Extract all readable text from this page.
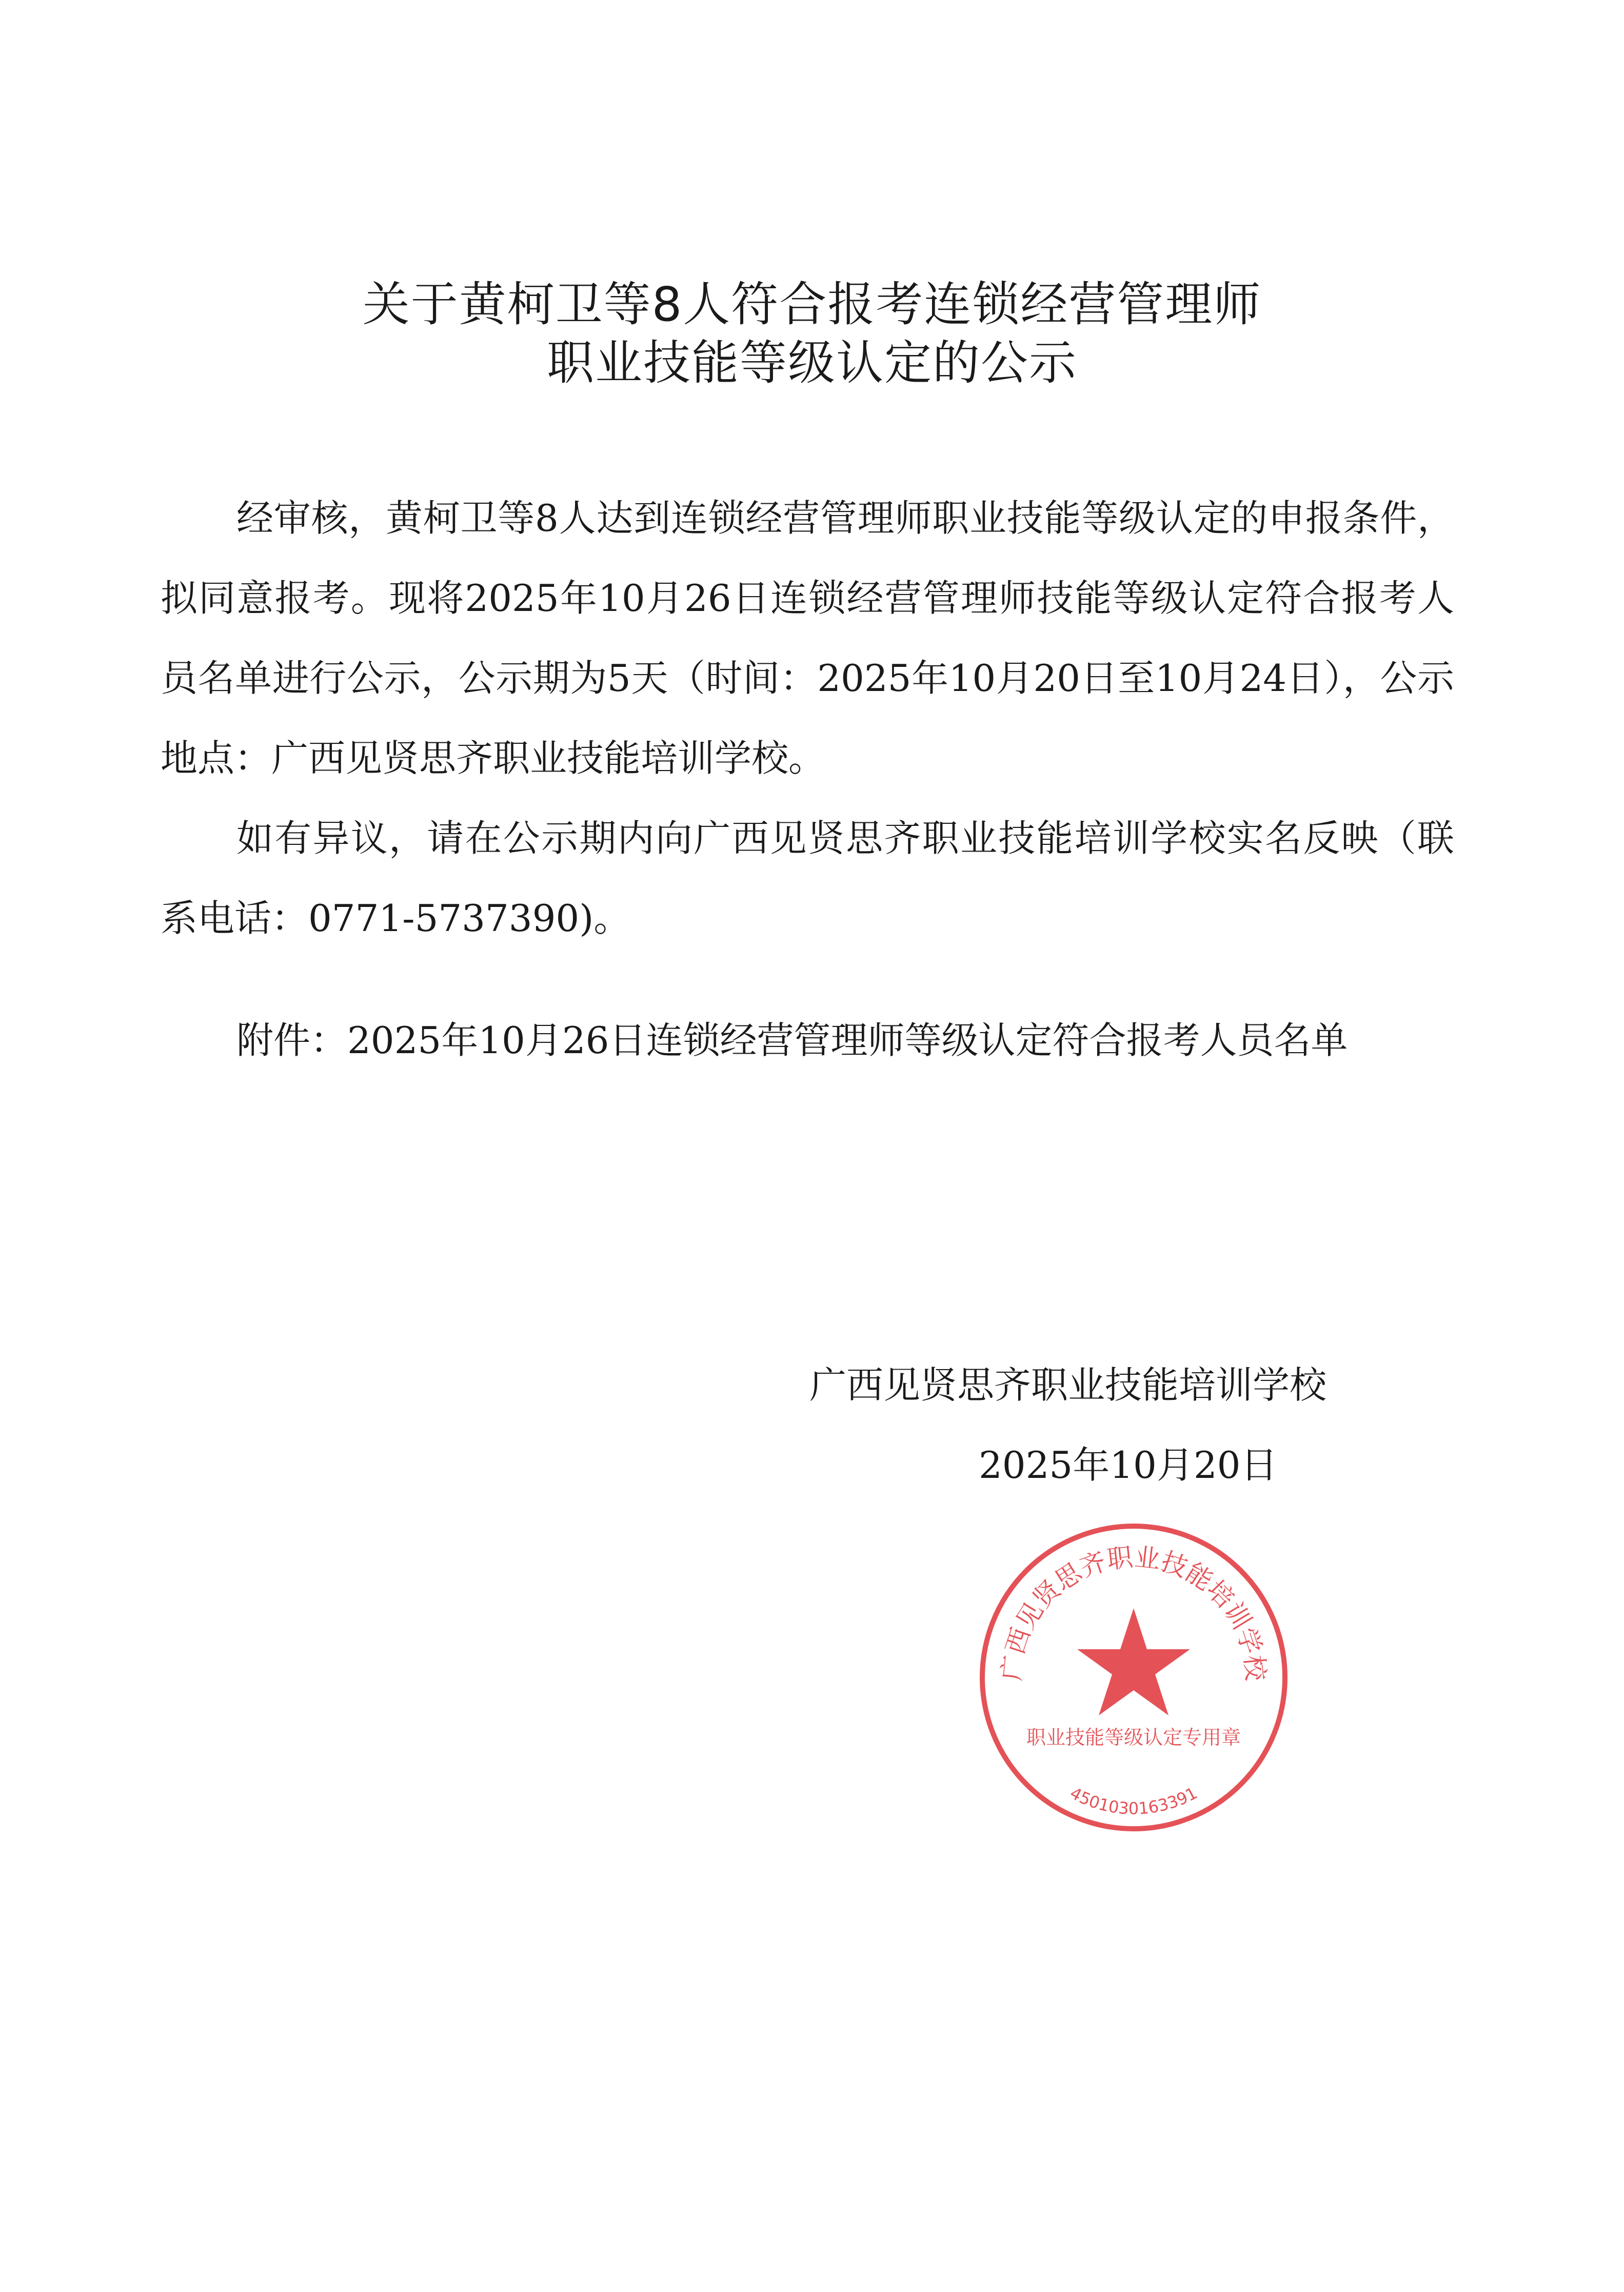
关于黄柯卫等8人符合报考连锁经营管理师
职业技能等级认定的公示

经审核，黄柯卫等8人达到连锁经营管理师职业技能等级认定的申报条件，拟同意报考。现将2025年10月26日连锁经营管理师技能等级认定符合报考人员名单进行公示，公示期为5天（时间：2025年10月20日至10月24日），公示地点：广西见贤思齐职业技能培训学校。

如有异议，请在公示期内向广西见贤思齐职业技能培训学校实名反映（联系电话：0771-5737390)。

附件：2025年10月26日连锁经营管理师等级认定符合报考人员名单
广西见贤思齐职业技能培训学校
2025年10月20日
广西见贤思齐职业技能培训学校
职业技能等级认定专用章
4501030163391
